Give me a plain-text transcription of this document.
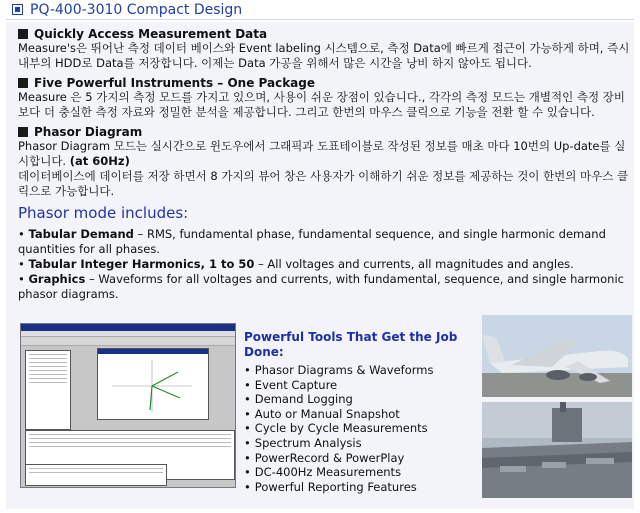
PQ-400-3010 Compact Design

Quickly Access Measurement Data

Measure's은 뛰어난 측정 데이터 베이스와 Event labeling 시스템으로, 측정 Data에 빠르게 접근이 가능하게 하며, 즉시 내부의 HDD로 Data를 저장합니다. 이제는 Data 가공을 위해서 많은 시간을 낭비 하지 않아도 됩니다.

Five Powerful Instruments – One Package

Measure 은 5 가지의 측정 모드를 가지고 있으며, 사용이 쉬운 장점이 있습니다., 각각의 측정 모드는 개별적인 측정 장비보다 더 충실한 측정 자료와 정밀한 분석을 제공합니다. 그리고 한번의 마우스 클릭으로 기능을 전환 할 수 있습니다.

Phasor Diagram

Phasor Diagram 모드는 실시간으로 윈도우에서 그래픽과 도표테이블로 작성된 정보를 매초 마다 10번의 Up-date를 실시합니다. (at 60Hz)
데이터베이스에 데이터를 저장 하면서 8 가지의 뷰어 창은 사용자가 이해하기 쉬운 정보를 제공하는 것이 한번의 마우스 클릭으로 가능합니다.

Phasor mode includes:

• Tabular Demand – RMS, fundamental phase, fundamental sequence, and single harmonic demand quantities for all phases.

• Tabular Integer Harmonics, 1 to 50 – All voltages and currents, all magnitudes and angles.

• Graphics – Waveforms for all voltages and currents, with fundamental, sequence, and single harmonic phasor diagrams.

Powerful Tools That Get the Job Done:
• Phasor Diagrams & Waveforms
• Event Capture
• Demand Logging
• Auto or Manual Snapshot
• Cycle by Cycle Measurements
• Spectrum Analysis
• PowerRecord & PowerPlay
• DC-400Hz Measurements
• Powerful Reporting Features
